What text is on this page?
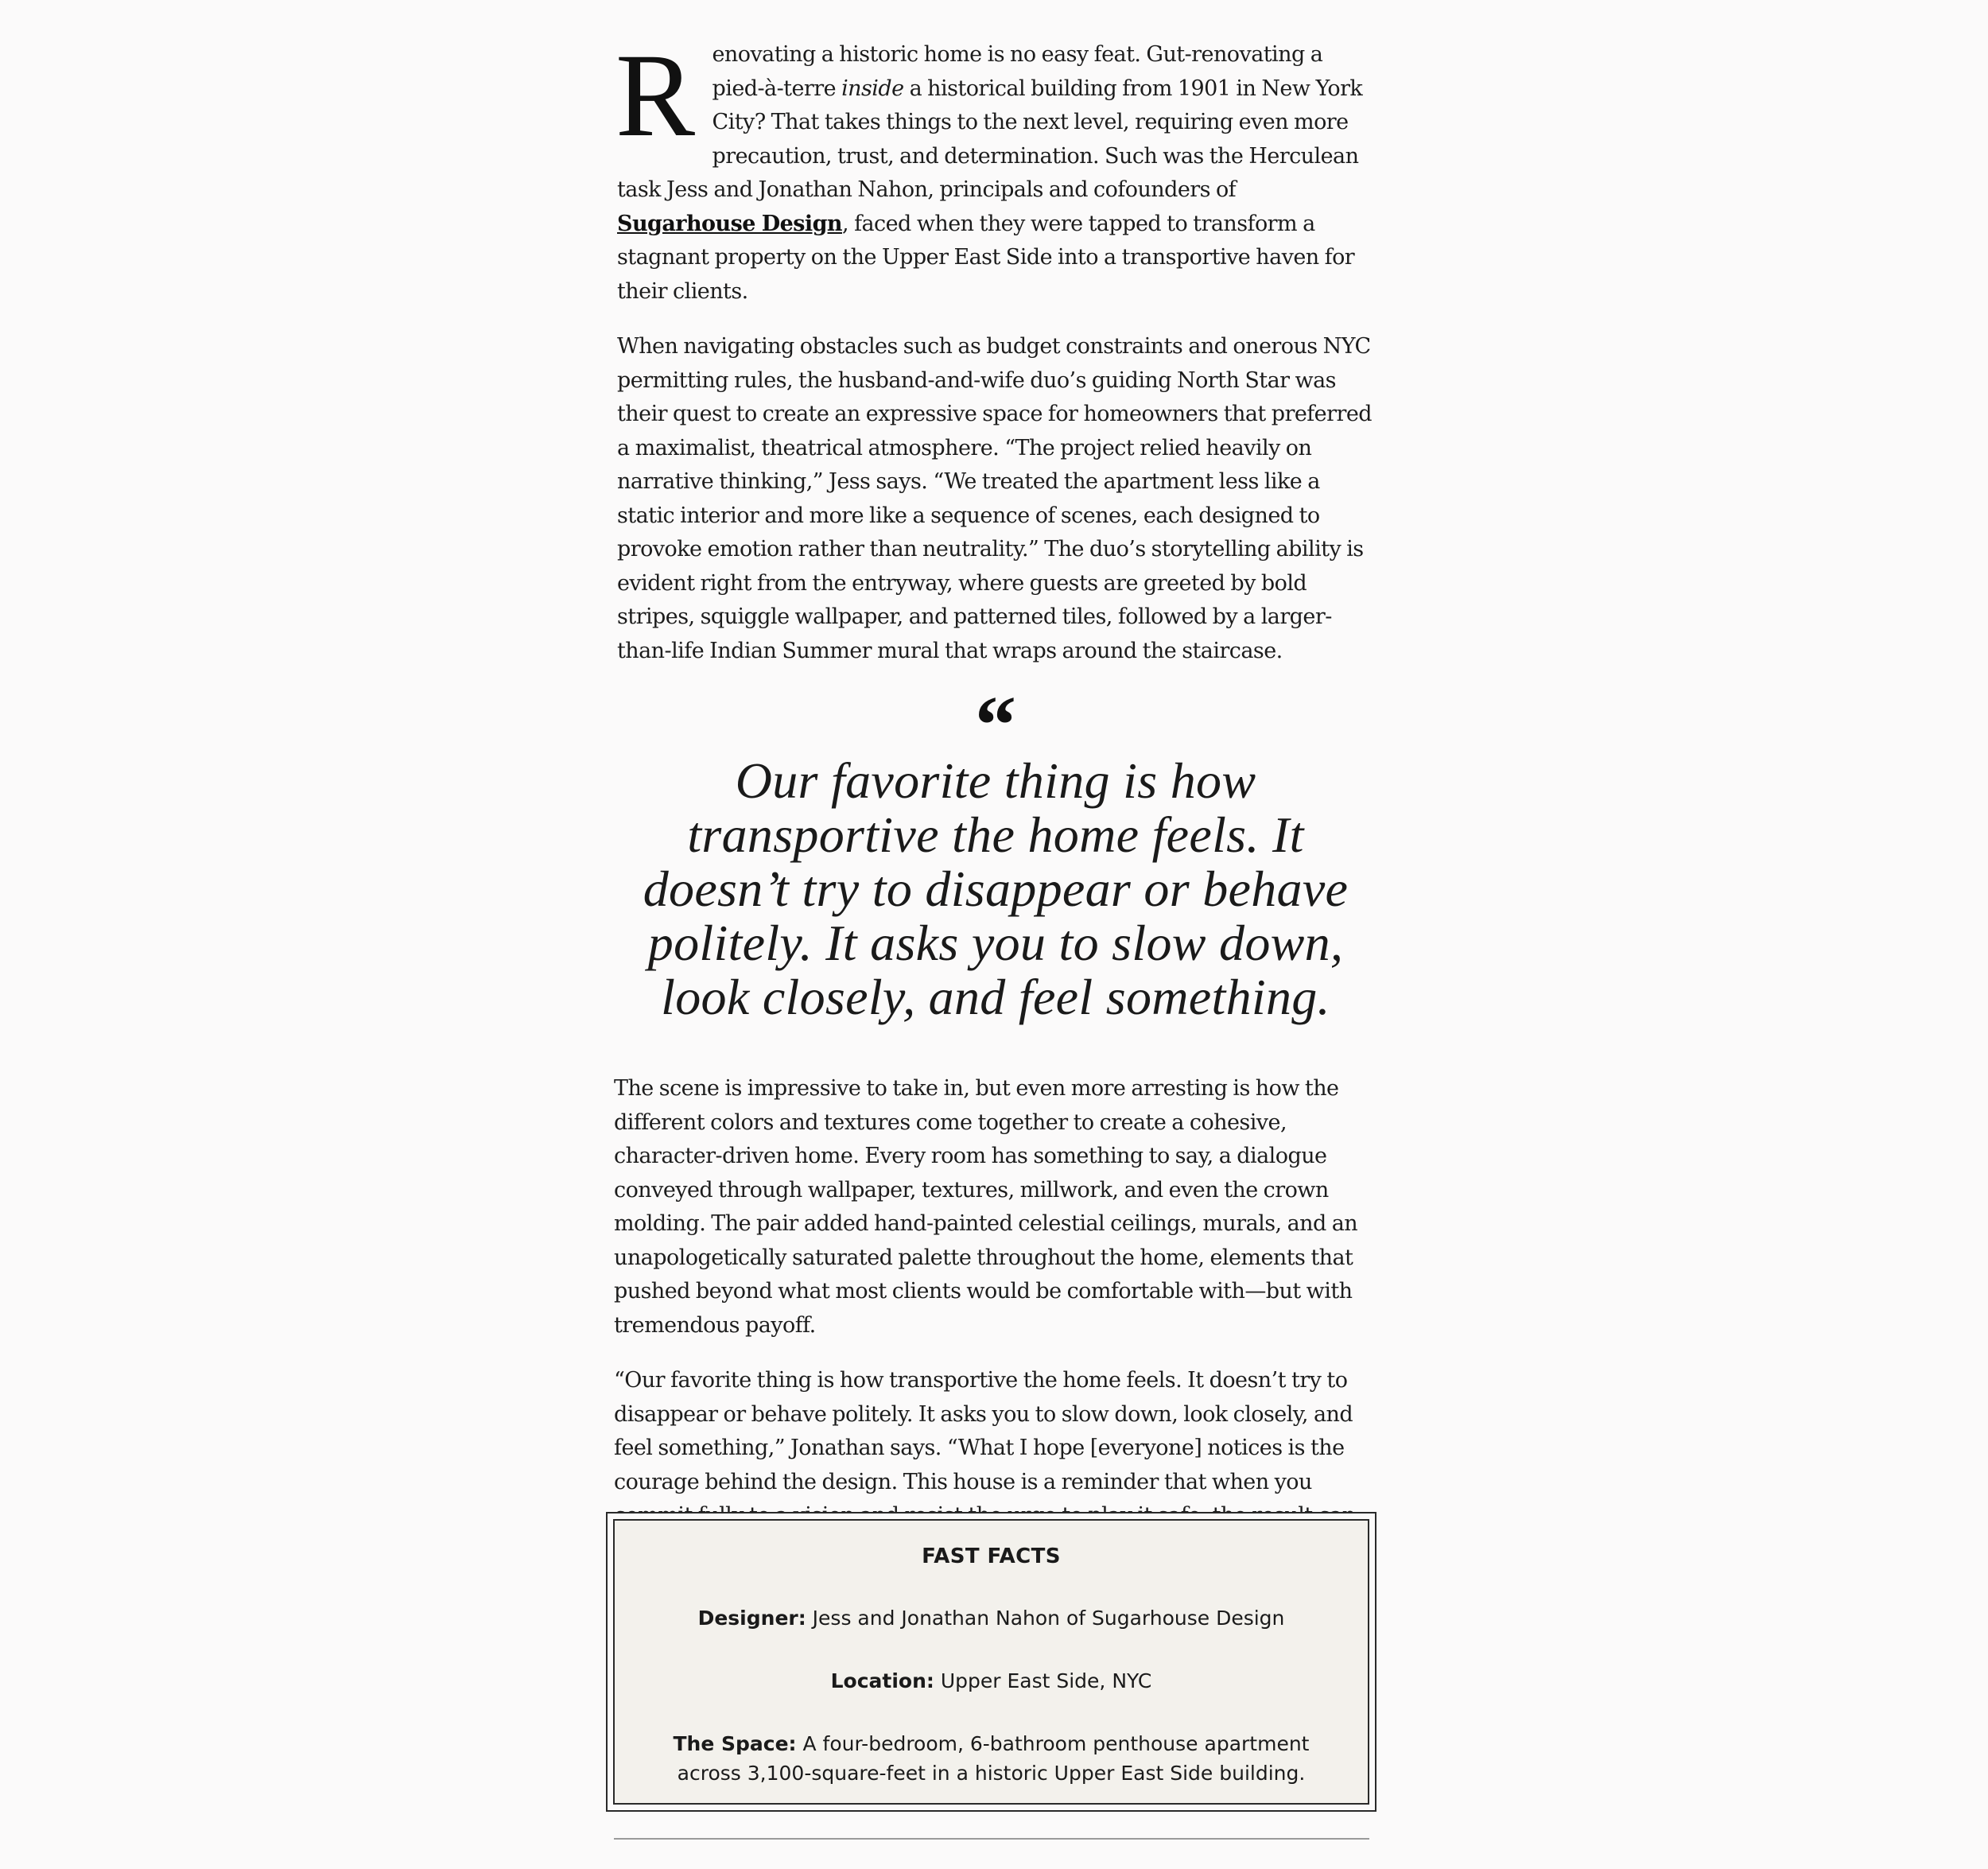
Renovating a historic home is no easy feat. Gut-renovating a pied-à-terre inside a historical building from 1901 in New York City? That takes things to the next level, requiring even more precaution, trust, and determination. Such was the Herculean task Jess and Jonathan Nahon, principals and cofounders of Sugarhouse Design, faced when they were tapped to transform a stagnant property on the Upper East Side into a transportive haven for their clients.

When navigating obstacles such as budget constraints and onerous NYC permitting rules, the husband-and-wife duo’s guiding North Star was their quest to create an expressive space for homeowners that preferred a maximalist, theatrical atmosphere. “The project relied heavily on narrative thinking,” Jess says. “We treated the apartment less like a static interior and more like a sequence of scenes, each designed to provoke emotion rather than neutrality.” The duo’s storytelling ability is evident right from the entryway, where guests are greeted by bold stripes, squiggle wallpaper, and patterned tiles, followed by a larger-than-life Indian Summer mural that wraps around the staircase.

“
Our favorite thing is how transportive the home feels. It doesn’t try to disappear or behave politely. It asks you to slow down, look closely, and feel something.

The scene is impressive to take in, but even more arresting is how the different colors and textures come together to create a cohesive, character-driven home. Every room has something to say, a dialogue conveyed through wallpaper, textures, millwork, and even the crown molding. The pair added hand-painted celestial ceilings, murals, and an unapologetically saturated palette throughout the home, elements that pushed beyond what most clients would be comfortable with—but with tremendous payoff.

“Our favorite thing is how transportive the home feels. It doesn’t try to disappear or behave politely. It asks you to slow down, look closely, and feel something,” Jonathan says. “What I hope [everyone] notices is the courage behind the design. This house is a reminder that when you

FAST FACTS
Designer: Jess and Jonathan Nahon of Sugarhouse Design
Location: Upper East Side, NYC
The Space: A four-bedroom, 6-bathroom penthouse apartment across 3,100-square-feet in a historic Upper East Side building.
